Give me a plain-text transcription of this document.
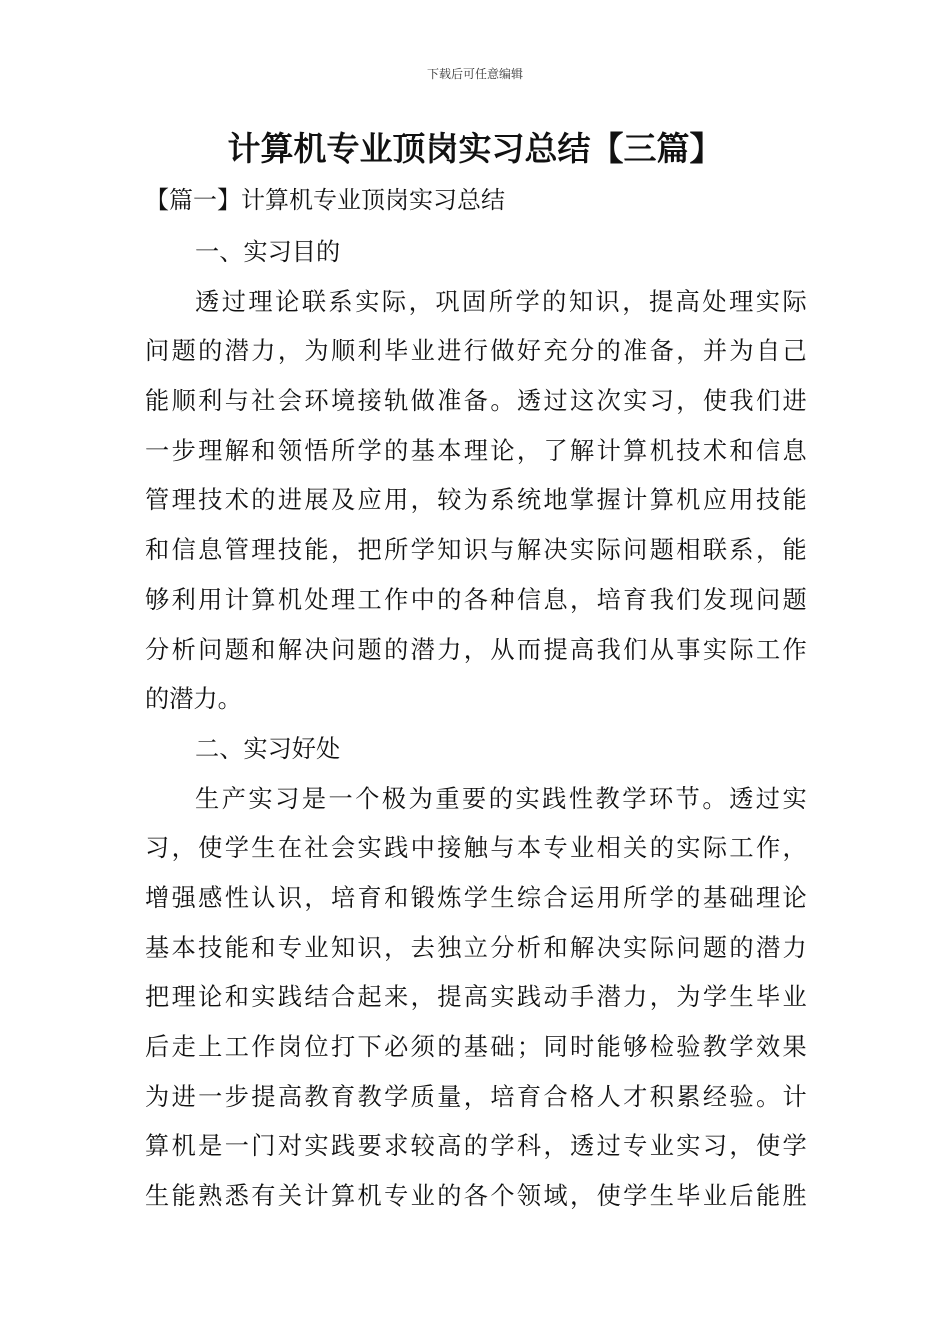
下载后可任意编辑
计算机专业顶岗实习总结【三篇】
【篇一】计算机专业顶岗实习总结
一、实习目的
透 过 理 论 联 系 实 际 ， 巩 固 所 学 的 知 识 ， 提 高 处 理 实 际
问 题 的 潜 力 ， 为 顺 利 毕 业 进 行 做 好 充 分 的 准 备 ， 并 为 自 己
能 顺 利 与 社 会 环 境 接 轨 做 准 备 。 透 过 这 次 实 习 ， 使 我 们 进
一 步 理 解 和 领 悟 所 学 的 基 本 理 论 ， 了 解 计 算 机 技 术 和 信 息
管 理 技 术 的 进 展 及 应 用 ， 较 为 系 统 地 掌 握 计 算 机 应 用 技 能
和 信 息 管 理 技 能 ， 把 所 学 知 识 与 解 决 实 际 问 题 相 联 系 ， 能
够 利 用 计 算 机 处 理 工 作 中 的 各 种 信 息 ， 培 育 我 们 发 现 问 题
分 析 问 题 和 解 决 问 题 的 潜 力 ， 从 而 提 高 我 们 从 事 实 际 工 作
的潜力。
二、实习好处
生 产 实 习 是 一 个 极 为 重 要 的 实 践 性 教 学 环 节 。 透 过 实
习 ， 使 学 生 在 社 会 实 践 中 接 触 与 本 专 业 相 关 的 实 际 工 作 ，
增 强 感 性 认 识 ， 培 育 和 锻 炼 学 生 综 合 运 用 所 学 的 基 础 理 论
基 本 技 能 和 专 业 知 识 ， 去 独 立 分 析 和 解 决 实 际 问 题 的 潜 力
把 理 论 和 实 践 结 合 起 来 ， 提 高 实 践 动 手 潜 力 ， 为 学 生 毕 业
后 走 上 工 作 岗 位 打 下 必 须 的 基 础 ； 同 时 能 够 检 验 教 学 效 果
为 进 一 步 提 高 教 育 教 学 质 量 ， 培 育 合 格 人 才 积 累 经 验 。 计
算 机 是 一 门 对 实 践 要 求 较 高 的 学 科 ， 透 过 专 业 实 习 ， 使 学
生 能 熟 悉 有 关 计 算 机 专 业 的 各 个 领 域 ， 使 学 生 毕 业 后 能 胜
